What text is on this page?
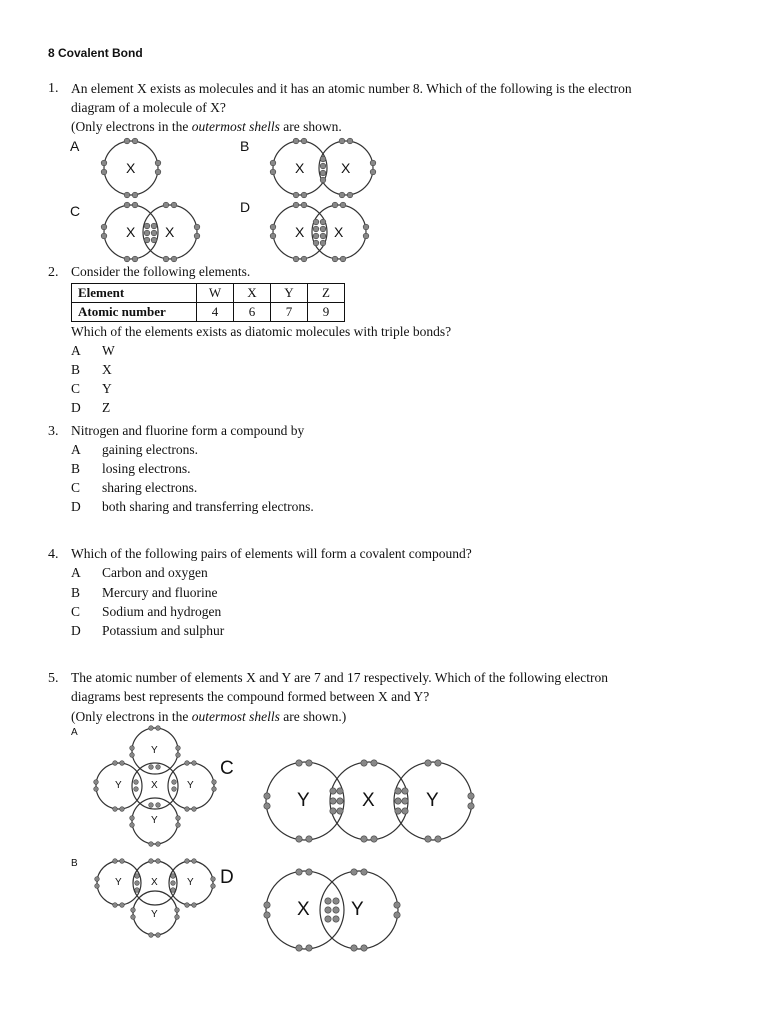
8 Covalent Bond
1. An element X exists as molecules and it has an atomic number 8. Which of the following is the electron
diagram of a molecule of X?
(Only electrons in the outermost shells are shown.
A	B
C	D
X	X	X
X X	X X
2. Consider the following elements.
Element	W	X	Y	Z
Atomic number	4	6	7	9
Which of the elements exists as diatomic molecules with triple bonds?
A W
B X
C Y
D Z
3. Nitrogen and fluorine form a compound by
A gaining electrons.
B losing electrons.
C sharing electrons.
D both sharing and transferring electrons.
4. Which of the following pairs of elements will form a covalent compound?
A Carbon and oxygen
B Mercury and fluorine
C Sodium and hydrogen
D Potassium and sulphur
5. The atomic number of elements X and Y are 7 and 17 respectively. Which of the following electron
diagrams best represents the compound formed between X and Y?
(Only electrons in the outermost shells are shown.)
A
B
C
D
Y
X
Y	Y
Y
X
Y	Y
Y
Y	X	Y
X Y
